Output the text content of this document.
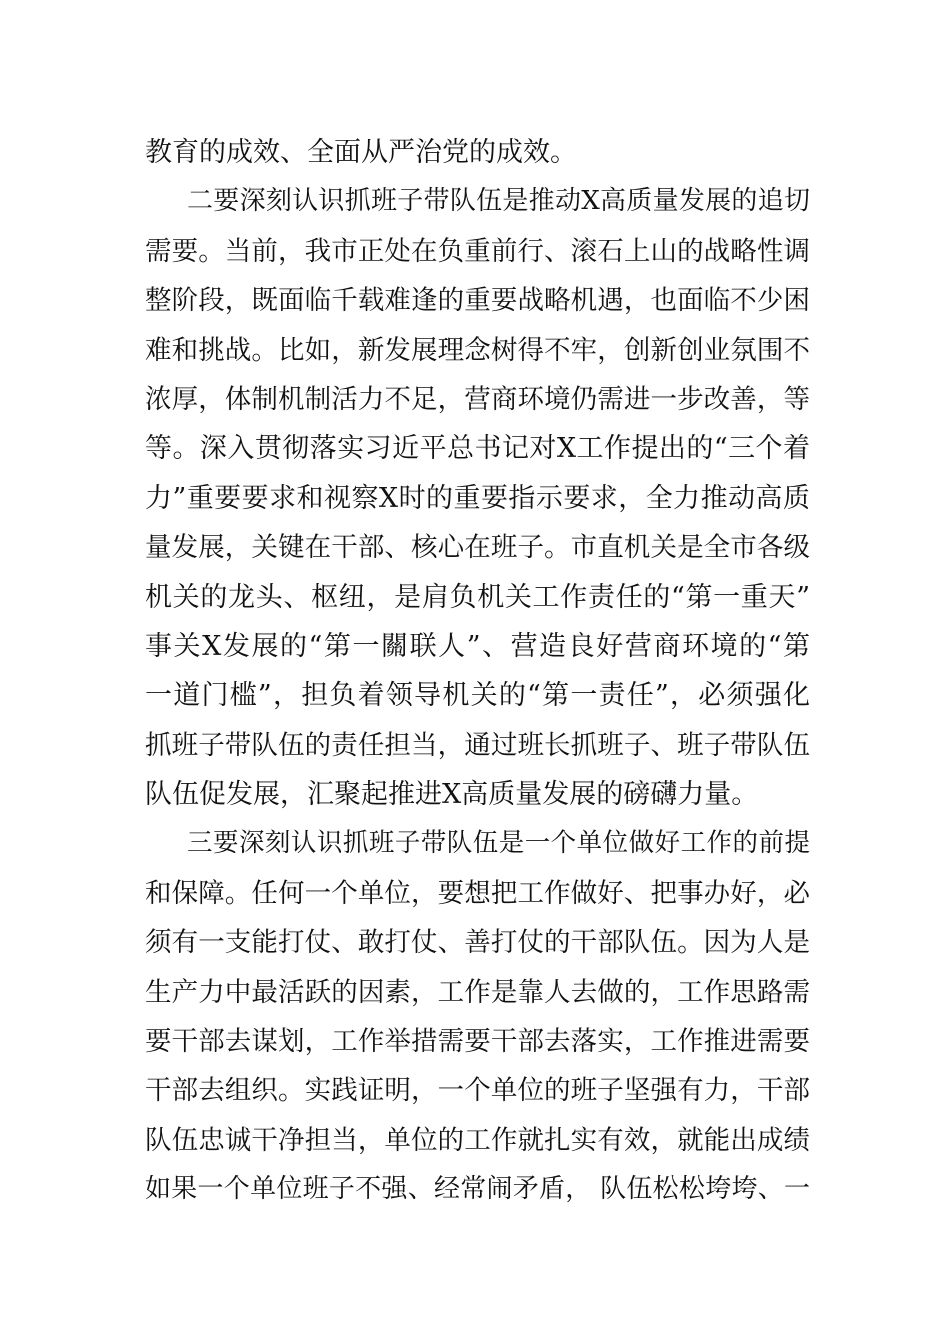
教育的成效、全面从严治党的成效。
二要深刻认识抓班子带队伍是推动X高质量发展的追切
需要。当前，我市正处在负重前行、滚石上山的战略性调
整阶段，既面临千载难逢的重要战略机遇，也面临不少困
难和挑战。比如，新发展理念树得不牢，创新创业氛围不
浓厚，体制机制活力不足，营商环境仍需进一步改善，等
等。深入贯彻落实习近平总书记对X工作提出的“三个着
力”重要要求和视察X时的重要指示要求，全力推动高质
量发展，关键在干部、核心在班子。市直机关是全市各级
机关的龙头、枢纽，是肩负机关工作责任的“第一重天”
事关X发展的“第一關联人”、营造良好营商环境的“第
一道门槛”，担负着领导机关的“第一责任”，必须强化
抓班子带队伍的责任担当，通过班长抓班子、班子带队伍
队伍促发展，汇聚起推进X高质量发展的磅礴力量。
三要深刻认识抓班子带队伍是一个单位做好工作的前提
和保障。任何一个单位，要想把工作做好、把事办好，必
须有一支能打仗、敢打仗、善打仗的干部队伍。因为人是
生产力中最活跃的因素，工作是靠人去做的，工作思路需
要干部去谋划，工作举措需要干部去落实，工作推进需要
干部去组织。实践证明，一个单位的班子坚强有力，干部
队伍忠诚干净担当，单位的工作就扎实有效，就能出成绩
如果一个单位班子不强、经常闹矛盾， 队伍松松垮垮、一
